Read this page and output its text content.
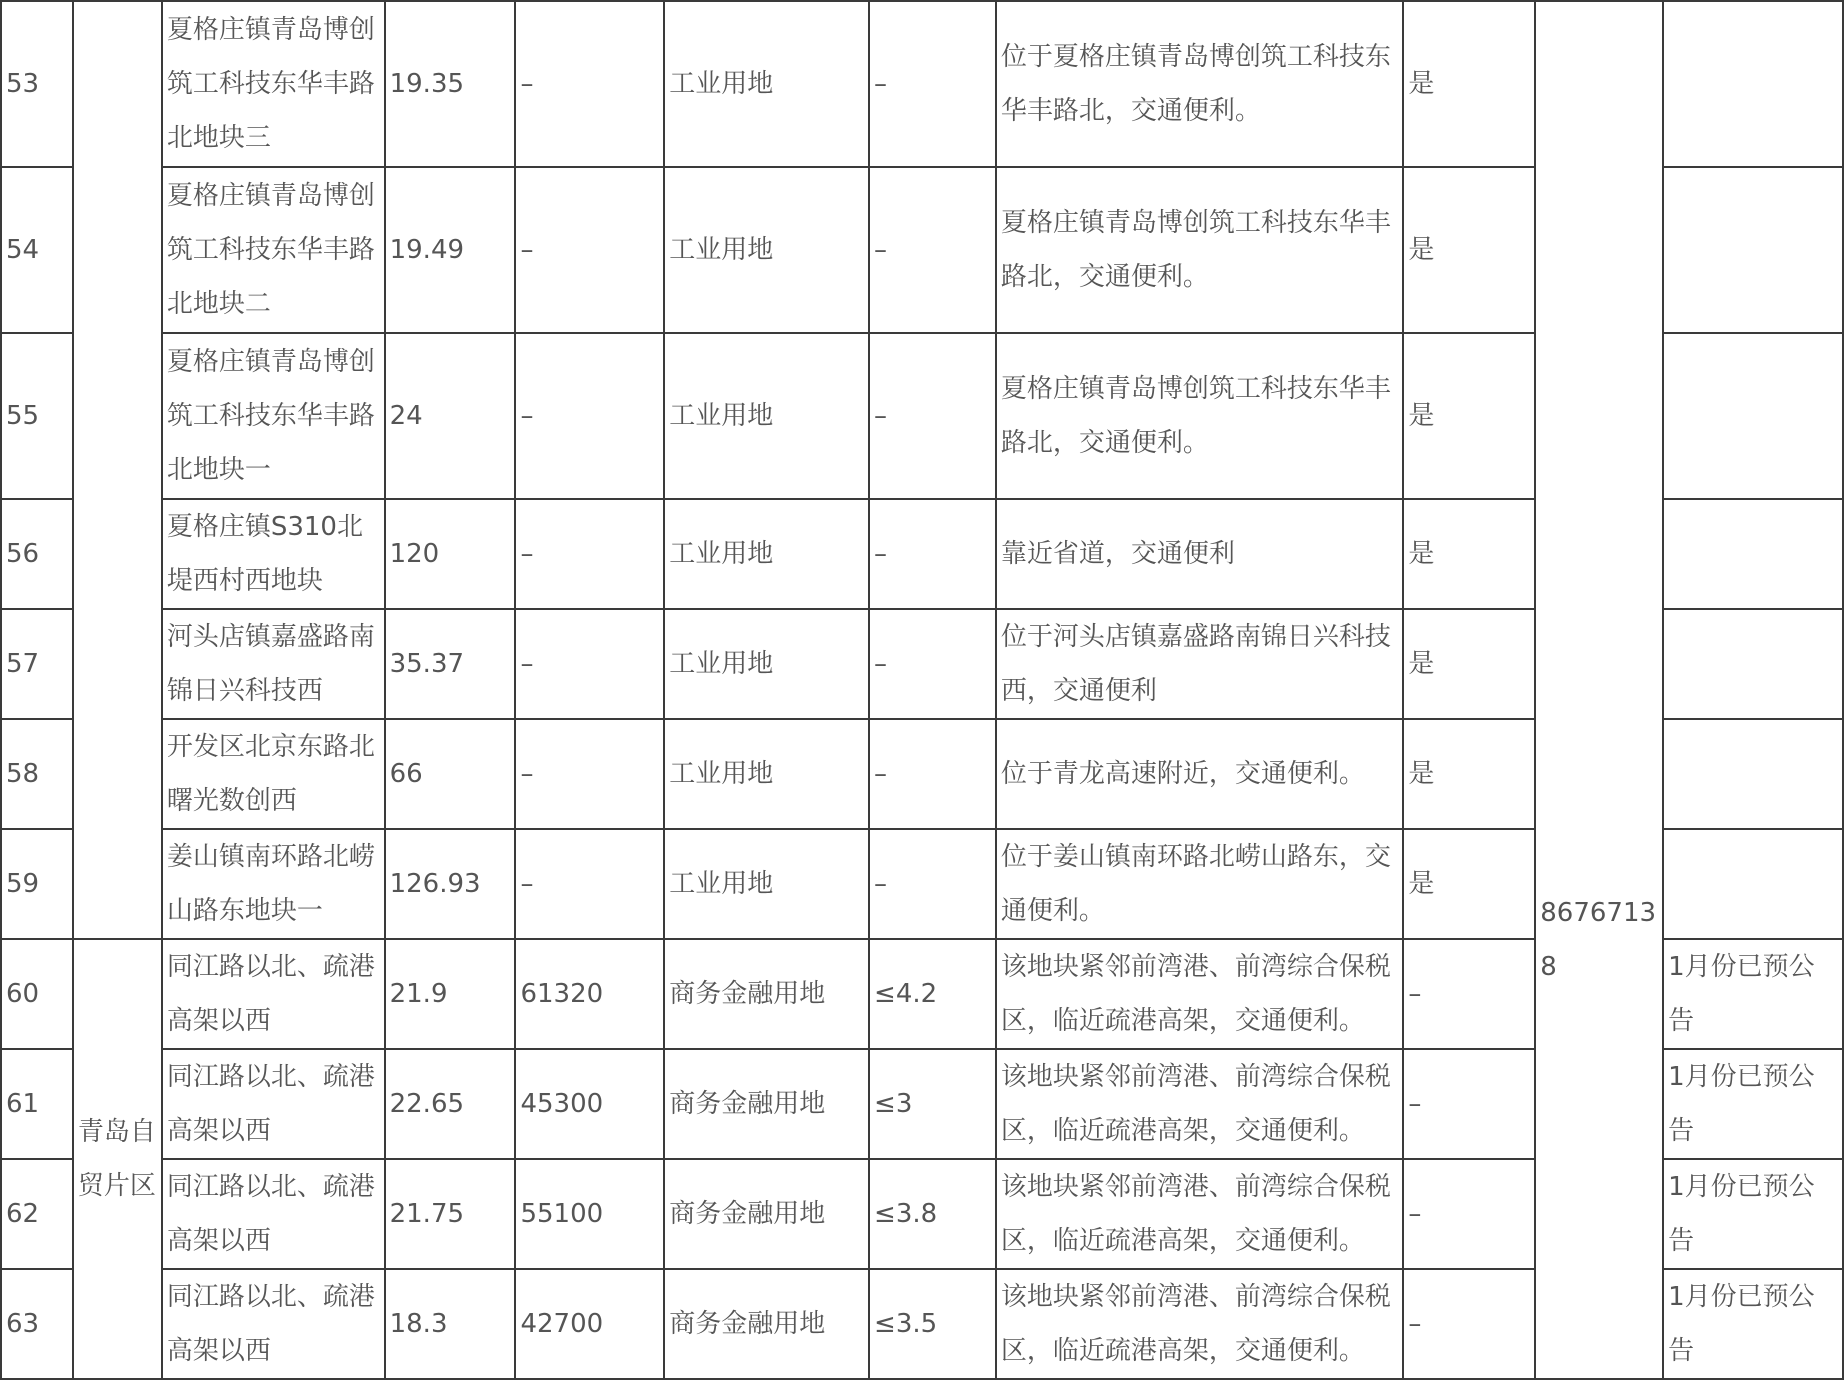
53		夏格庄镇青岛博创筑工科技东华丰路北地块三	19.35	–	工业用地	–	位于夏格庄镇青岛博创筑工科技东华丰路北，交通便利。	是	86767138	
54		夏格庄镇青岛博创筑工科技东华丰路北地块二	19.49	–	工业用地	–	夏格庄镇青岛博创筑工科技东华丰路北，交通便利。	是		
55		夏格庄镇青岛博创筑工科技东华丰路北地块一	24	–	工业用地	–	夏格庄镇青岛博创筑工科技东华丰路北，交通便利。	是		
56		夏格庄镇S310北堤西村西地块	120	–	工业用地	–	靠近省道，交通便利	是		
57		河头店镇嘉盛路南锦日兴科技西	35.37	–	工业用地	–	位于河头店镇嘉盛路南锦日兴科技西，交通便利	是		
58		开发区北京东路北曙光数创西	66	–	工业用地	–	位于青龙高速附近，交通便利。	是		
59		姜山镇南环路北崂山路东地块一	126.93	–	工业用地	–	位于姜山镇南环路北崂山路东，交通便利。	是		
60	青岛自贸片区	同江路以北、疏港高架以西	21.9	61320	商务金融用地	≤4.2	该地块紧邻前湾港、前湾综合保税区，临近疏港高架，交通便利。	–		1月份已预公告
61		同江路以北、疏港高架以西	22.65	45300	商务金融用地	≤3	该地块紧邻前湾港、前湾综合保税区，临近疏港高架，交通便利。	–		1月份已预公告
62		同江路以北、疏港高架以西	21.75	55100	商务金融用地	≤3.8	该地块紧邻前湾港、前湾综合保税区，临近疏港高架，交通便利。	–		1月份已预公告
63		同江路以北、疏港高架以西	18.3	42700	商务金融用地	≤3.5	该地块紧邻前湾港、前湾综合保税区，临近疏港高架，交通便利。	–		1月份已预公告
